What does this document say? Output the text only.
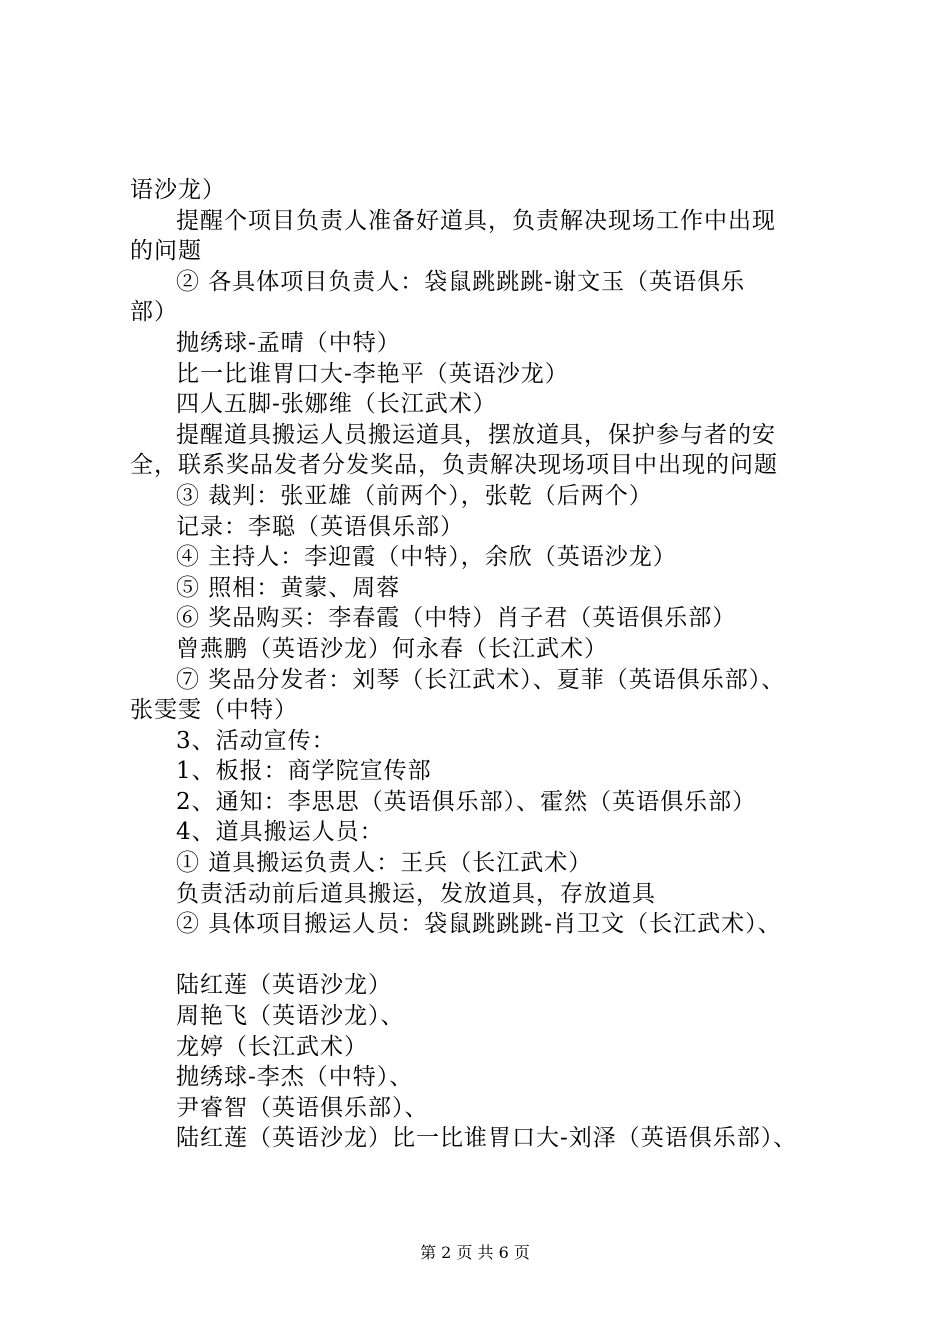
语沙龙）
提醒个项目负责人准备好道具，负责解决现场工作中出现
的问题
② 各具体项目负责人：袋鼠跳跳跳-谢文玉（英语俱乐
部）
抛绣球-孟晴（中特）
比一比谁胃口大-李艳平（英语沙龙）
四人五脚-张娜维（长江武术）
提醒道具搬运人员搬运道具，摆放道具，保护参与者的安
全，联系奖品发者分发奖品，负责解决现场项目中出现的问题
③ 裁判：张亚雄（前两个），张乾（后两个）
记录：李聪（英语俱乐部）
④ 主持人：李迎霞（中特），余欣（英语沙龙）
⑤ 照相：黄蒙、周蓉
⑥ 奖品购买：李春霞（中特）肖子君（英语俱乐部）
曾燕鹏（英语沙龙）何永春（长江武术）
⑦ 奖品分发者：刘琴（长江武术）、夏菲（英语俱乐部）、
张雯雯（中特）
3、活动宣传：
1、板报：商学院宣传部
2、通知：李思思（英语俱乐部）、霍然（英语俱乐部）
4、道具搬运人员：
① 道具搬运负责人：王兵（长江武术）
负责活动前后道具搬运，发放道具，存放道具
② 具体项目搬运人员：袋鼠跳跳跳-肖卫文（长江武术）、
陆红莲（英语沙龙）
周艳飞（英语沙龙）、
龙婷（长江武术）
抛绣球-李杰（中特）、
尹睿智（英语俱乐部）、
陆红莲（英语沙龙）比一比谁胃口大-刘泽（英语俱乐部）、
第 2 页 共 6 页
